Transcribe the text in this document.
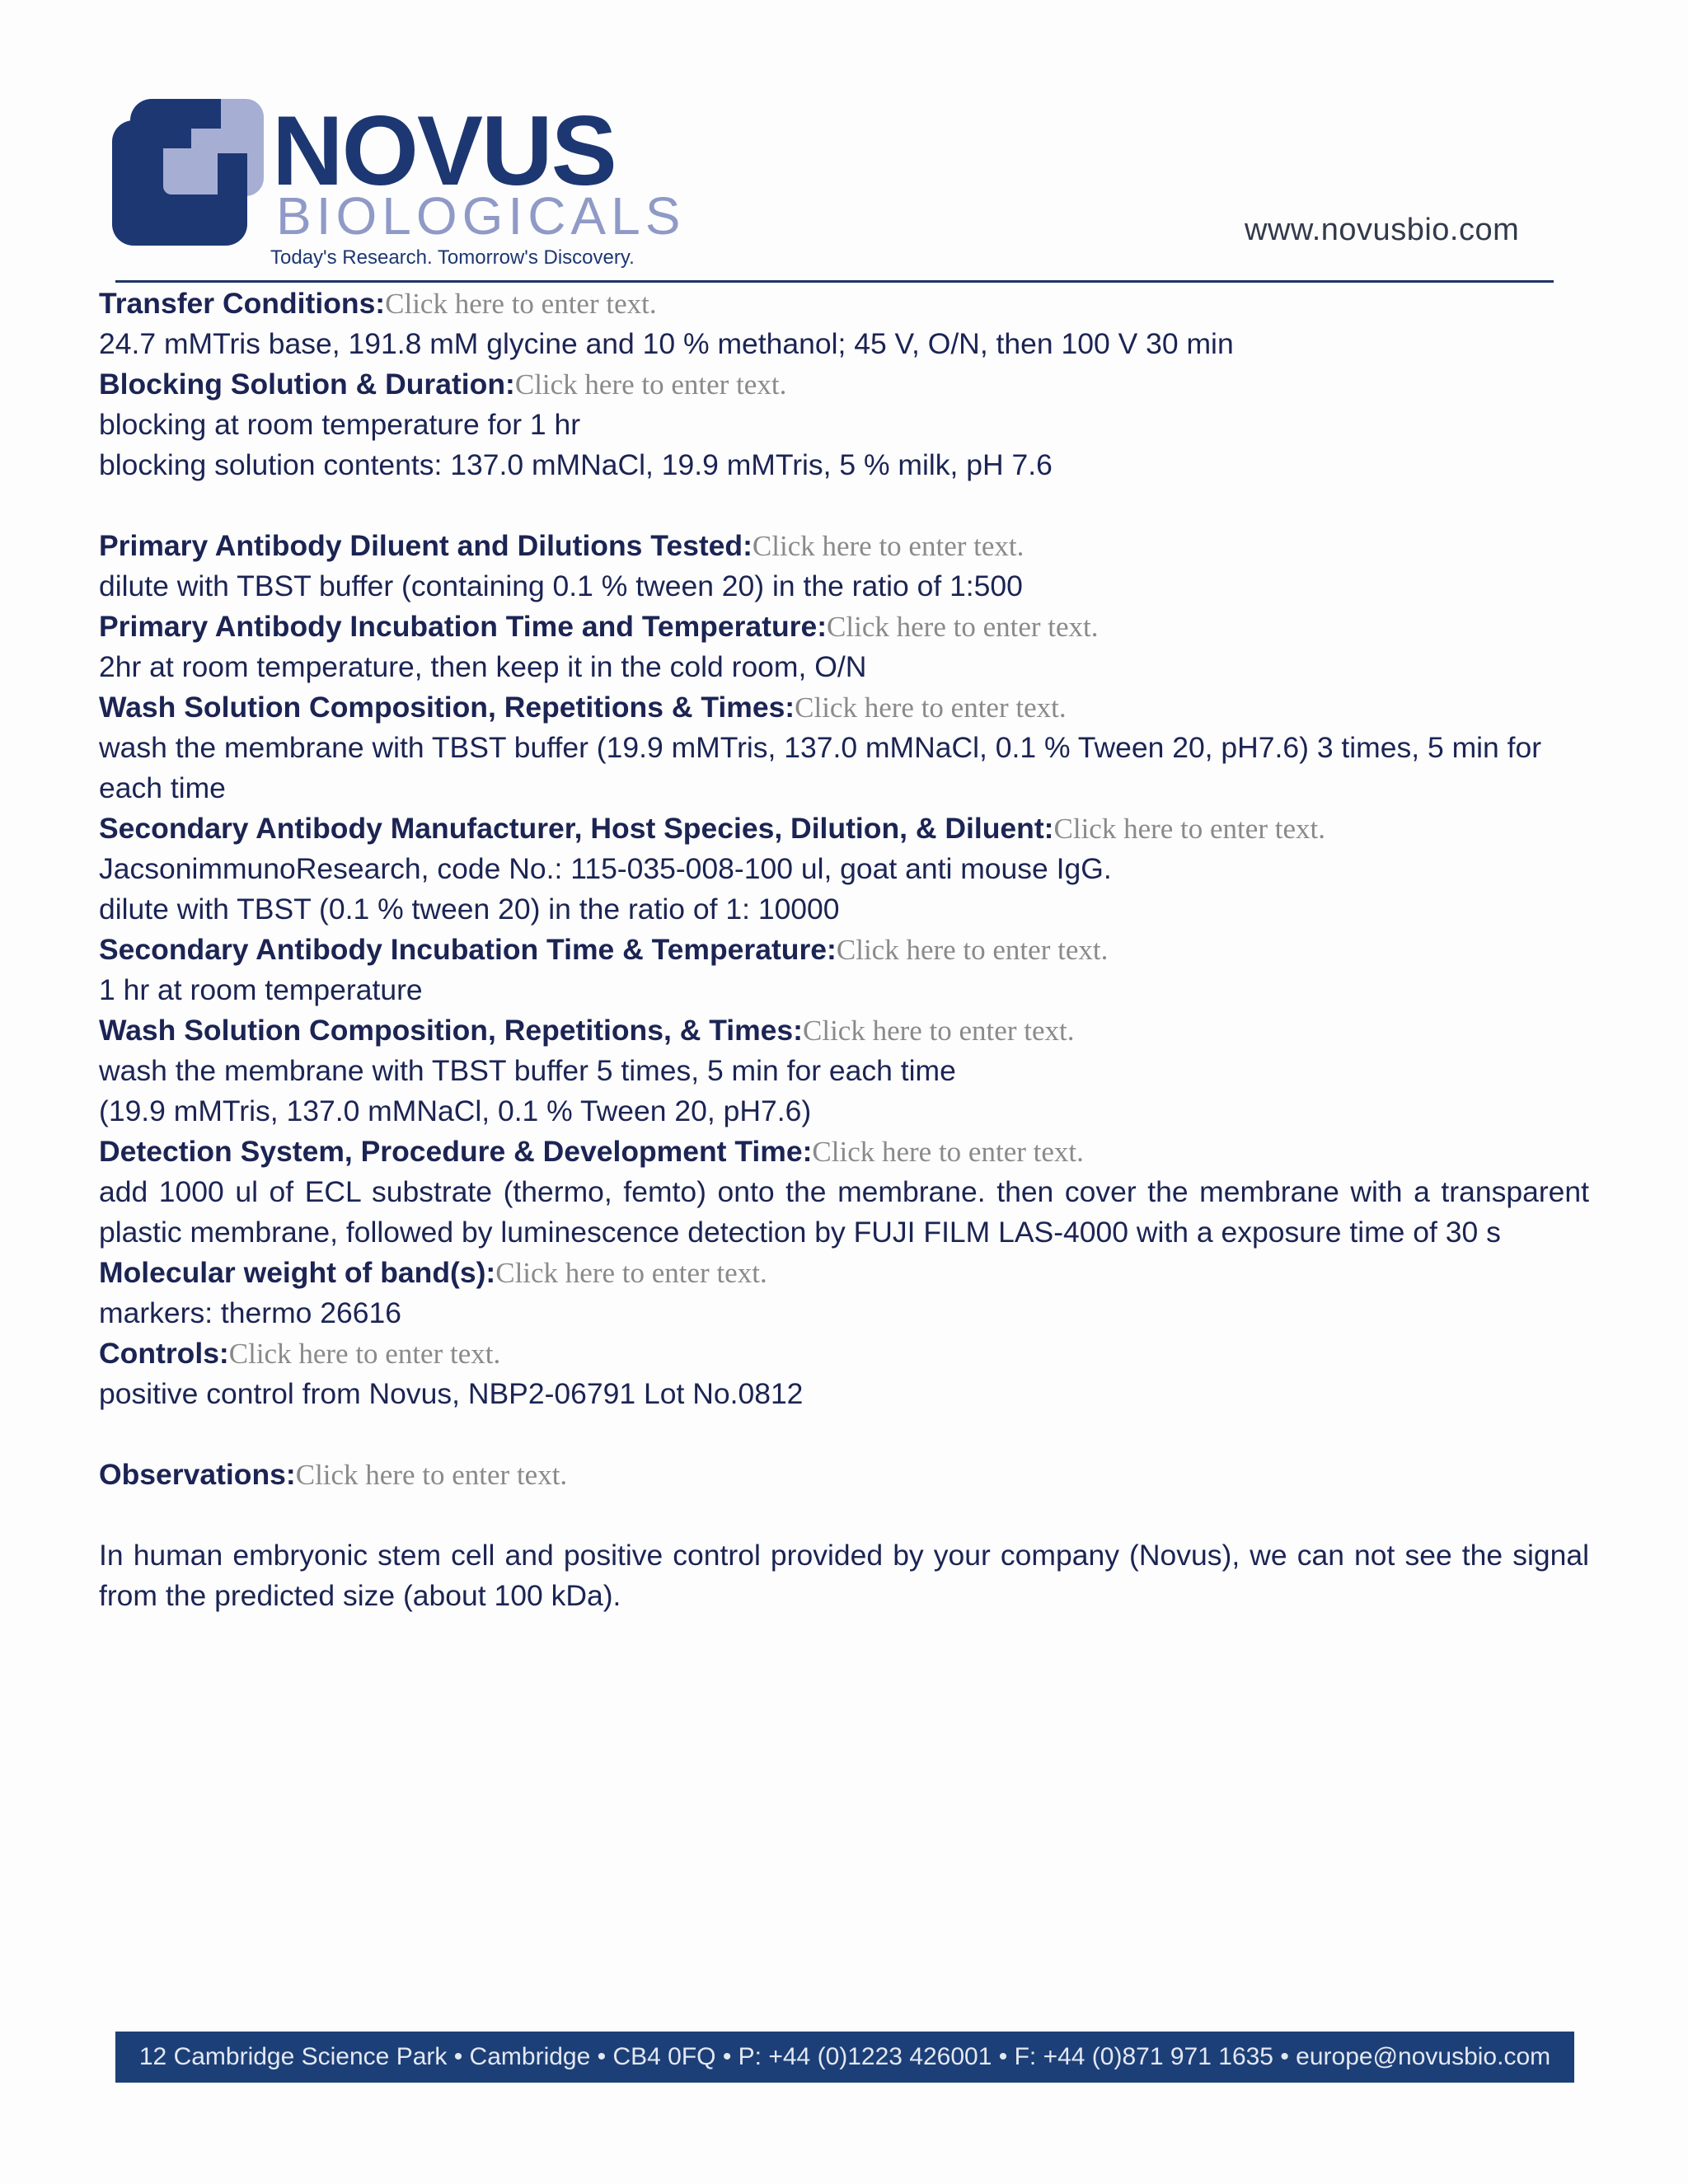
NOVUS
BIOLOGICALS
Today's Research. Tomorrow's Discovery.
www.novusbio.com

Transfer Conditions:Click here to enter text.

24.7 mMTris base, 191.8 mM glycine and 10 % methanol; 45 V, O/N, then 100 V 30 min

Blocking Solution & Duration:Click here to enter text.

blocking at room temperature for 1 hr

blocking solution contents: 137.0 mMNaCl, 19.9 mMTris, 5 % milk, pH 7.6

Primary Antibody Diluent and Dilutions Tested:Click here to enter text.

dilute with TBST buffer (containing 0.1 % tween 20) in the ratio of 1:500

Primary Antibody Incubation Time and Temperature:Click here to enter text.

2hr at room temperature, then keep it in the cold room, O/N

Wash Solution Composition, Repetitions & Times:Click here to enter text.

wash the membrane with TBST buffer (19.9 mMTris, 137.0 mMNaCl, 0.1 % Tween 20, pH7.6) 3 times, 5 min for each time

Secondary Antibody Manufacturer, Host Species, Dilution, & Diluent:Click here to enter text.

JacsonimmunoResearch, code No.: 115-035-008-100 ul, goat anti mouse IgG.

dilute with TBST (0.1 % tween 20) in the ratio of 1: 10000

Secondary Antibody Incubation Time & Temperature:Click here to enter text.

1 hr at room temperature

Wash Solution Composition, Repetitions, & Times:Click here to enter text.

wash the membrane with TBST buffer 5 times, 5 min for each time

(19.9 mMTris, 137.0 mMNaCl, 0.1 % Tween 20, pH7.6)

Detection System, Procedure & Development Time:Click here to enter text.

add 1000 ul of ECL substrate (thermo, femto) onto the membrane. then cover the membrane with a transparent plastic membrane, followed by luminescence detection by FUJI FILM LAS-4000 with a exposure time of 30 s

Molecular weight of band(s):Click here to enter text.

markers: thermo 26616

Controls:Click here to enter text.

positive control from Novus, NBP2-06791 Lot No.0812

Observations:Click here to enter text.

In human embryonic stem cell and positive control provided by your company (Novus), we can not see the signal from the predicted size (about 100 kDa).

12 Cambridge Science Park • Cambridge • CB4 0FQ • P: +44 (0)1223 426001 • F: +44 (0)871 971 1635 • europe@novusbio.com
